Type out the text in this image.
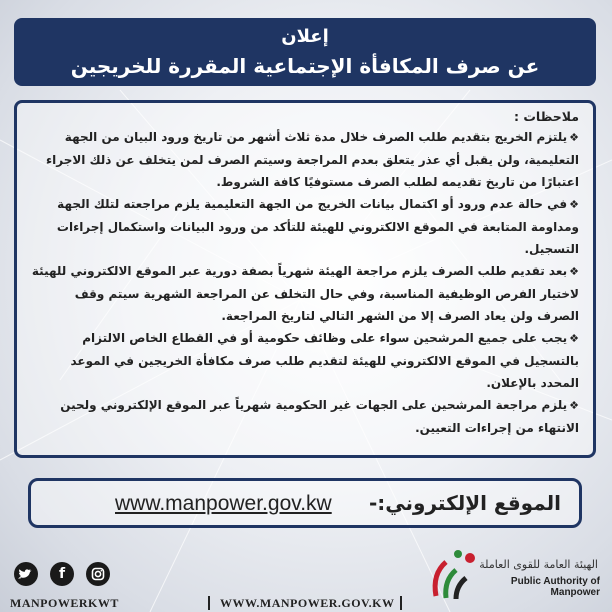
إعلان
عن صرف المكافأة الإجتماعية المقررة للخريجين
ملاحظات :

❖يلتزم الخريج بتقديم طلب الصرف خلال مدة ثلاث أشهر من تاريخ ورود البيان من الجهة التعليمية، ولن يقبل أي عذر يتعلق بعدم المراجعة وسيتم الصرف لمن يتخلف عن ذلك الاجراء اعتبارًا من تاريخ تقديمه لطلب الصرف مستوفيًا كافة الشروط.

❖في حالة عدم ورود أو اكتمال بيانات الخريج من الجهة التعليمية يلزم مراجعته لتلك الجهة ومداومة المتابعة في الموقع الالكتروني للهيئة للتأكد من ورود البيانات واستكمال إجراءات التسجيل.

❖بعد تقديم طلب الصرف يلزم مراجعة الهيئة شهرياً بصفة دورية عبر الموقع الالكتروني للهيئة لاختيار الفرص الوظيفية المناسبة، وفي حال التخلف عن المراجعة الشهرية سيتم وقف الصرف ولن يعاد الصرف إلا من الشهر التالي لتاريخ المراجعة.

❖يجب على جميع المرشحين سواء على وظائف حكومية أو في القطاع الخاص الالتزام بالتسجيل في الموقع الالكتروني للهيئة لتقديم طلب صرف مكافأة الخريجين في الموعد المحدد بالإعلان.

❖يلزم مراجعة المرشحين على الجهات غير الحكومية شهرياً عبر الموقع الإلكتروني ولحين الانتهاء من إجراءات التعيين.

الموقع الإلكتروني:-
www.manpower.gov.kw
f
MANPOWERKWT	WWW.MANPOWER.GOV.KW
الهيئة العامة للقوى العاملة
Public Authority of Manpower
